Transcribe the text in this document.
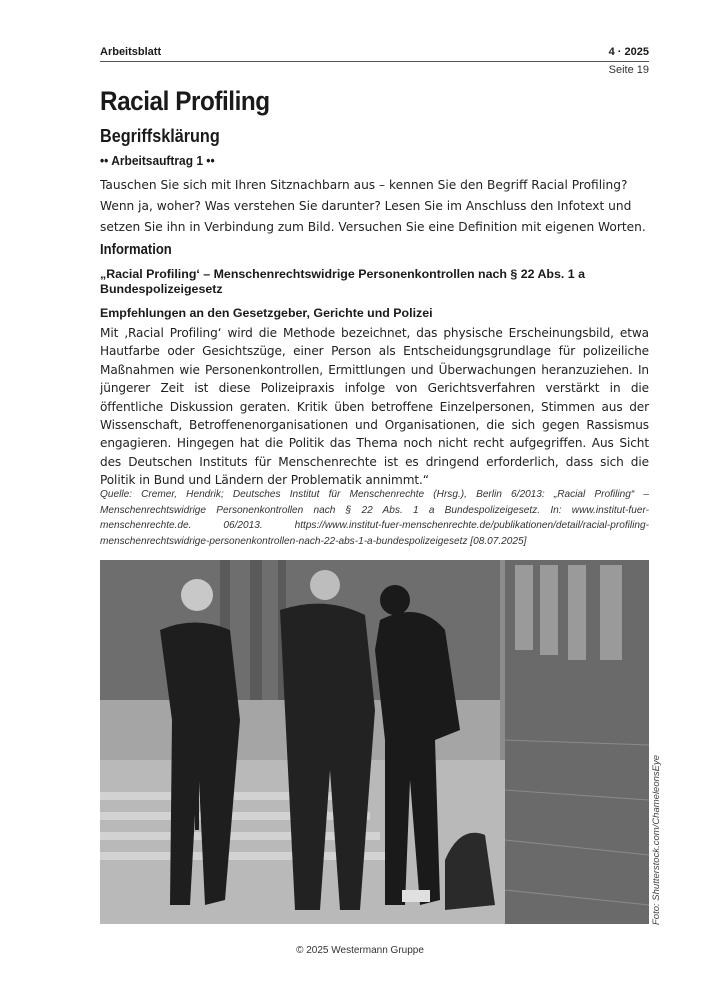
Arbeitsblatt	4 · 2025
Seite 19
Racial Profiling
Begriffsklärung
•• Arbeitsauftrag 1 ••

Tauschen Sie sich mit Ihren Sitznachbarn aus – kennen Sie den Begriff Racial Profiling? Wenn ja, woher? Was verstehen Sie darunter? Lesen Sie im Anschluss den Infotext und setzen Sie ihn in Verbindung zum Bild. Versuchen Sie eine Definition mit eigenen Worten.

Information
„Racial Profiling‘ – Menschenrechtswidrige Personenkontrollen nach § 22 Abs. 1 a Bundespolizeigesetz
Empfehlungen an den Gesetzgeber, Gerichte und Polizei

Mit ‚Racial Profiling‘ wird die Methode bezeichnet, das physische Erscheinungsbild, etwa Hautfarbe oder Gesichtszüge, einer Person als Entscheidungsgrundlage für polizeiliche Maßnahmen wie Personenkontrollen, Ermittlungen und Überwachungen heranzuziehen. In jüngerer Zeit ist diese Polizeipraxis infolge von Gerichtsverfahren verstärkt in die öffentliche Diskussion geraten. Kritik üben betroffene Einzelpersonen, Stimmen aus der Wissenschaft, Betroffenenorganisationen und Organisationen, die sich gegen Rassismus engagieren. Hingegen hat die Politik das Thema noch nicht recht aufgegriffen. Aus Sicht des Deutschen Instituts für Menschenrechte ist es dringend erforderlich, dass sich die Politik in Bund und Ländern der Problematik annimmt.“

Quelle: Cremer, Hendrik; Deutsches Institut für Menschenrechte (Hrsg.), Berlin 6/2013: „Racial Profiling“ – Menschenrechtswidrige Personenkontrollen nach § 22 Abs. 1 a Bundespolizeigesetz. In: www.institut-fuer-menschenrechte.de. 06/2013. https://www.institut-fuer-menschenrechte.de/publikationen/detail/racial-profiling-menschenrechtswidrige-personenkontrollen-nach-22-abs-1-a-bundespolizeigesetz [08.07.2025]

Foto: Shutterstock.com/ChameleonsEye
© 2025 Westermann Gruppe
